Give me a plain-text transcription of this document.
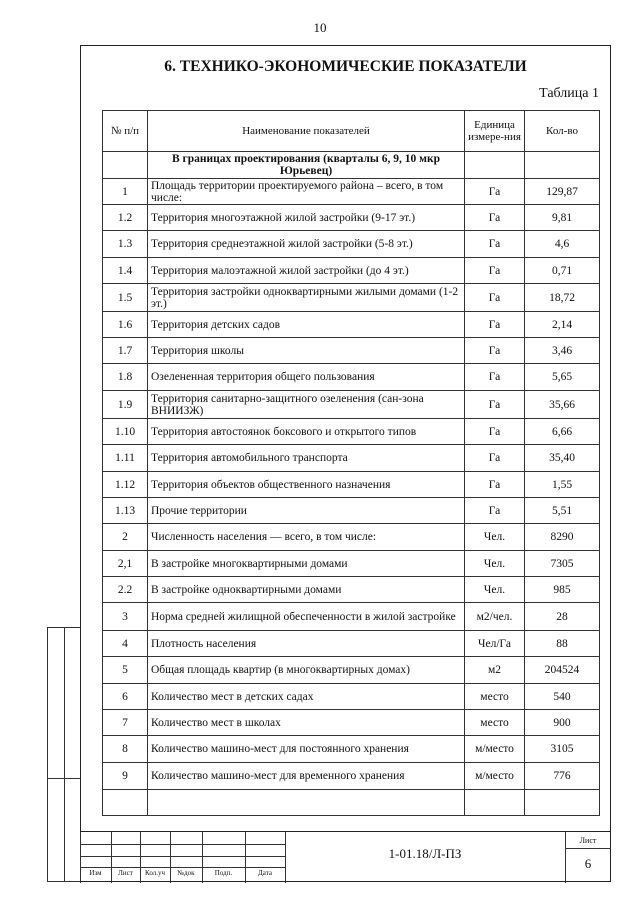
10
6. ТЕХНИКО-ЭКОНОМИЧЕСКИЕ ПОКАЗАТЕЛИ
Таблица 1
№ п/п	Наименование показателей	Единица измере-ния	Кол-во
	В границах проектирования (кварталы 6, 9, 10 мкр Юрьевец)		
1	Площадь территории проектируемого района – всего, в том числе:	Га	129,87
1.2	Территория многоэтажной жилой застройки (9-17 эт.)	Га	9,81
1.3	Территория среднеэтажной жилой застройки (5-8 эт.)	Га	4,6
1.4	Территория малоэтажной жилой застройки (до 4 эт.)	Га	0,71
1.5	Территория застройки одноквартирными жилыми домами (1-2 эт.)	Га	18,72
1.6	Территория детских садов	Га	2,14
1.7	Территория школы	Га	3,46
1.8	Озелененная территория общего пользования	Га	5,65
1.9	Территория санитарно-защитного озеленения (сан-зона ВНИИЗЖ)	Га	35,66
1.10	Территория автостоянок боксового и открытого типов	Га	6,66
1.11	Территория автомобильного транспорта	Га	35,40
1.12	Территория объектов общественного назначения	Га	1,55
1.13	Прочие территории	Га	5,51
2	Численность населения — всего, в том числе:	Чел.	8290
2,1	В застройке многоквартирными домами	Чел.	7305
2.2	В застройке одноквартирными домами	Чел.	985
3	Норма средней жилищной обеспеченности в жилой застройке	м2/чел.	28
4	Плотность населения	Чел/Га	88
5	Общая площадь квартир (в многоквартирных домах)	м2	204524
6	Количество мест в детских садах	место	540
7	Количество мест в школах	место	900
8	Количество машино-мест для постоянного хранения	м/место	3105
9	Количество машино-мест для временного хранения	м/место	776

Изм	Лист	Кол.уч	№док	Подп.	Дата
1-01.18/Л-ПЗ
Лист
6
